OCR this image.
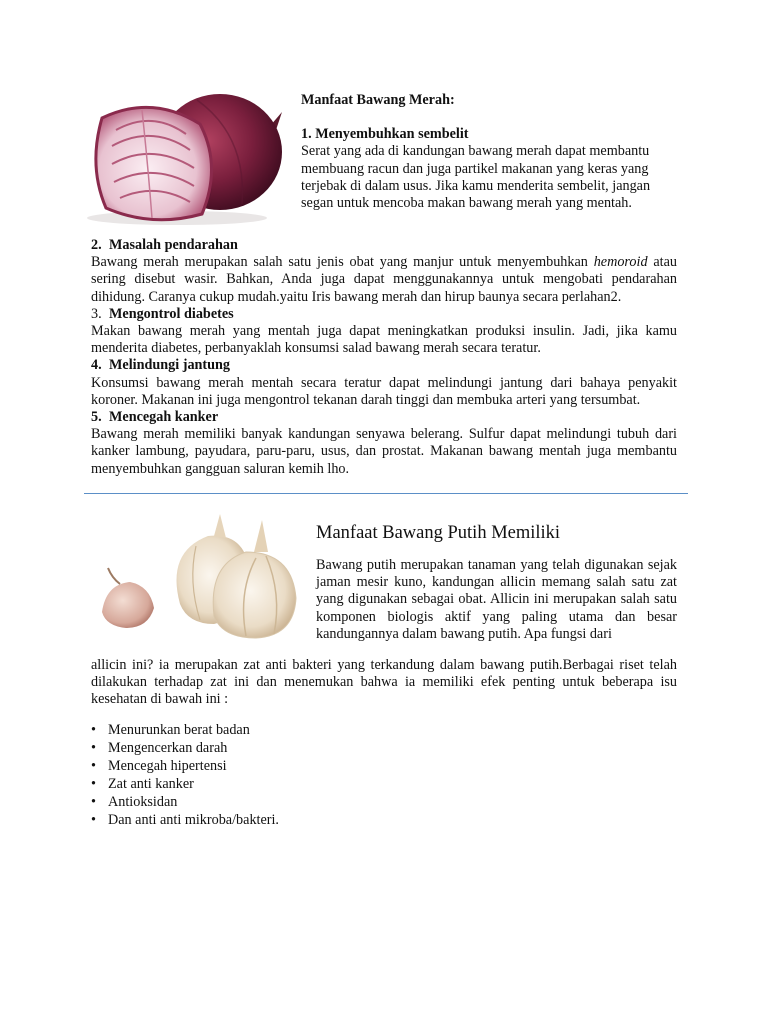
Manfaat Bawang Merah:

1. Menyembuhkan sembelit

Serat yang ada di kandungan bawang merah dapat membantu

membuang racun dan juga partikel makanan yang keras yang

terjebak di dalam usus. Jika kamu menderita sembelit, jangan

segan untuk mencoba makan bawang merah yang mentah.

2. Masalah pendarahan

Bawang merah merupakan salah satu jenis obat yang manjur untuk menyembuhkan hemoroid atau sering disebut wasir. Bahkan, Anda juga dapat menggunakannya untuk mengobati pendarahan dihidung. Caranya cukup mudah.yaitu Iris bawang merah dan hirup baunya secara perlahan2.

3. Mengontrol diabetes

Makan bawang merah yang mentah juga dapat meningkatkan produksi insulin. Jadi, jika kamu menderita diabetes, perbanyaklah konsumsi salad bawang merah secara teratur.

4. Melindungi jantung

Konsumsi bawang merah mentah secara teratur dapat melindungi jantung dari bahaya penyakit koroner. Makanan ini juga mengontrol tekanan darah tinggi dan membuka arteri yang tersumbat.

5. Mencegah kanker

Bawang merah memiliki banyak kandungan senyawa belerang. Sulfur dapat melindungi tubuh dari kanker lambung, payudara, paru-paru, usus, dan prostat. Makanan bawang mentah juga membantu menyembuhkan gangguan saluran kemih lho.

Manfaat Bawang Putih Memiliki

Bawang putih merupakan tanaman yang telah digunakan sejak jaman mesir kuno, kandungan allicin memang salah satu zat yang digunakan sebagai obat. Allicin ini merupakan salah satu komponen biologis aktif yang paling utama dan besar kandungannya dalam bawang putih. Apa fungsi dari

allicin ini? ia merupakan zat anti bakteri yang terkandung dalam bawang putih.Berbagai riset telah dilakukan terhadap zat ini dan menemukan bahwa ia memiliki efek penting untuk beberapa isu kesehatan di bawah ini :

• Menurunkan berat badan
• Mengencerkan darah
• Mencegah hipertensi
• Zat anti kanker
• Antioksidan
• Dan anti anti mikroba/bakteri.
